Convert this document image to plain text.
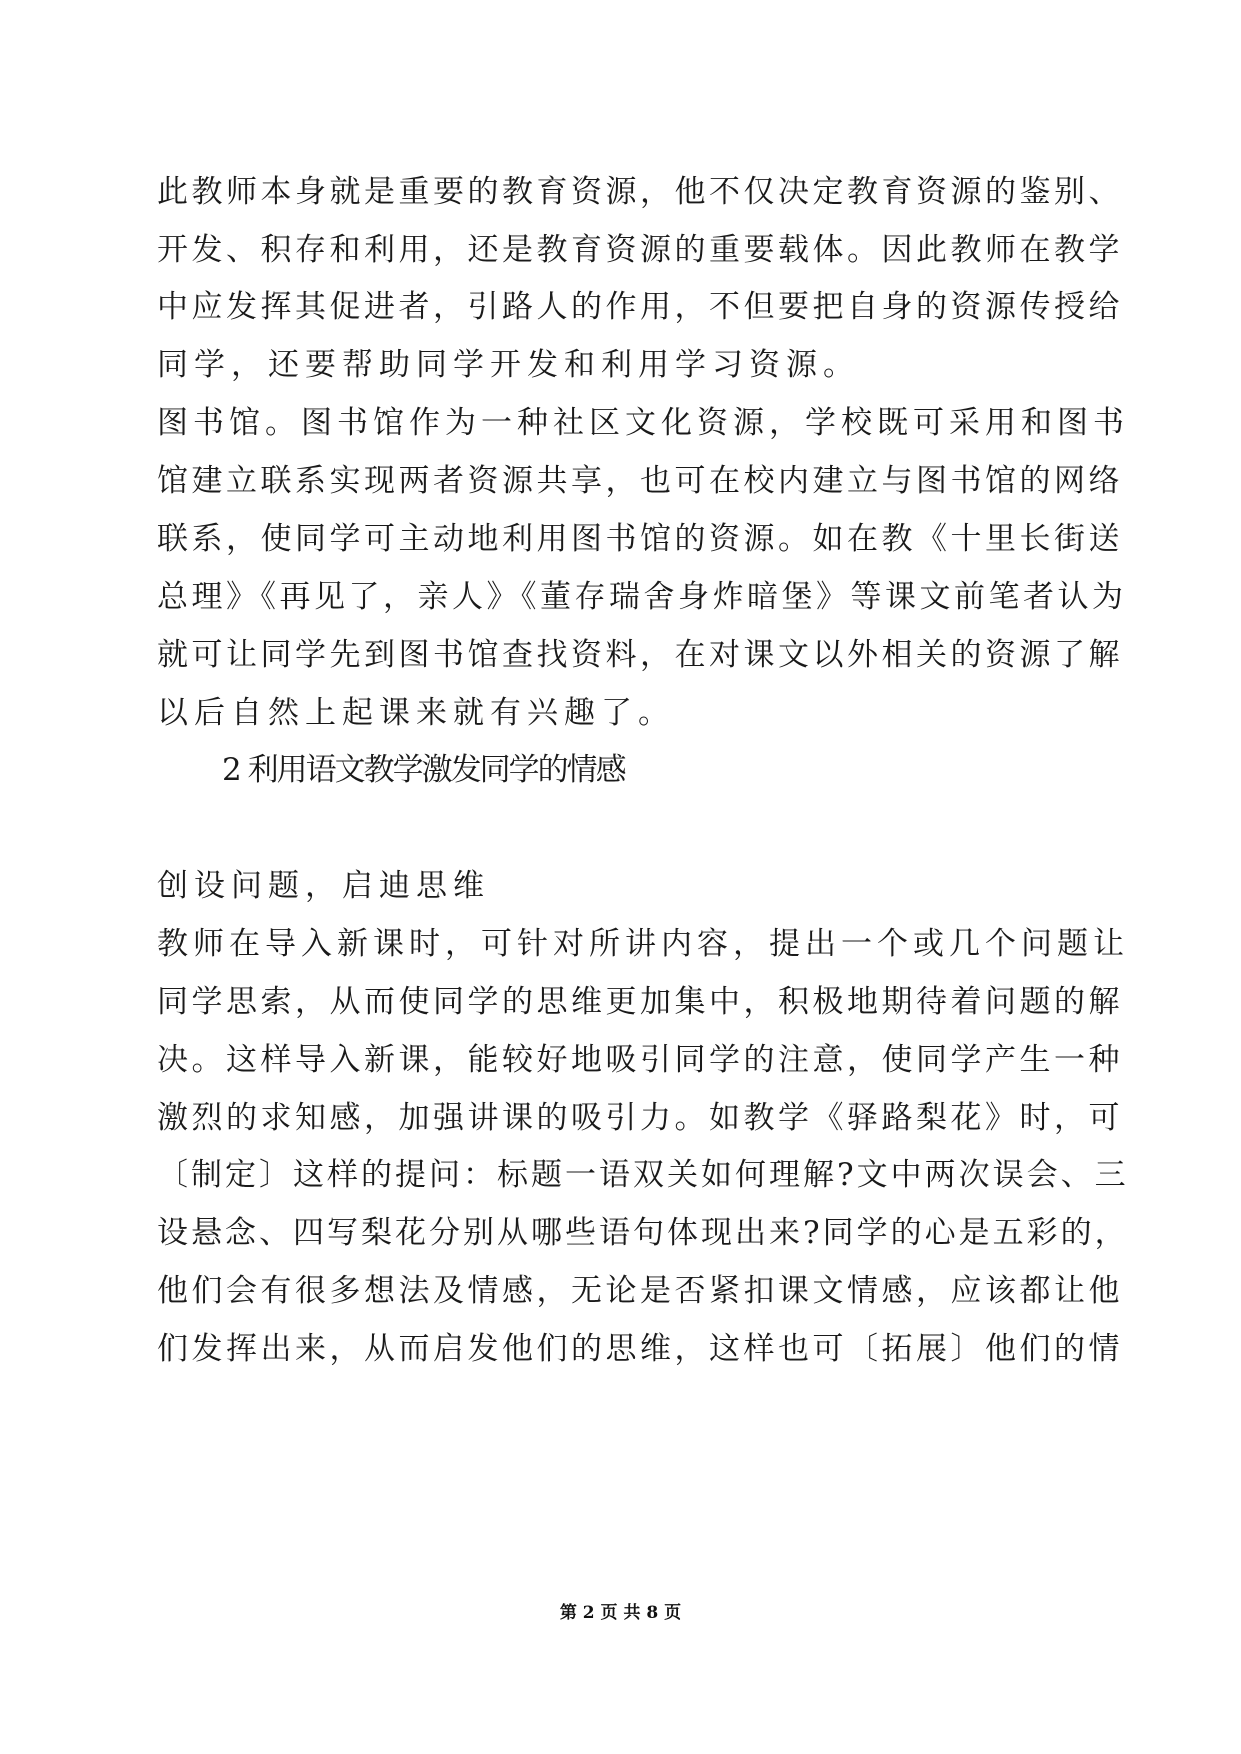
此教师本身就是重要的教育资源，他不仅决定教育资源的鉴别、
开发、积存和利用，还是教育资源的重要载体。因此教师在教学
中应发挥其促进者，引路人的作用，不但要把自身的资源传授给
同学，还要帮助同学开发和利用学习资源。
图书馆。图书馆作为一种社区文化资源，学校既可采用和图书
馆建立联系实现两者资源共享，也可在校内建立与图书馆的网络
联系，使同学可主动地利用图书馆的资源。如在教《十里长街送
总理》《再见了，亲人》《董存瑞舍身炸暗堡》等课文前笔者认为
就可让同学先到图书馆查找资料，在对课文以外相关的资源了解
以后自然上起课来就有兴趣了。
2 利用语文教学激发同学的情感
创设问题，启迪思维
教师在导入新课时，可针对所讲内容，提出一个或几个问题让
同学思索，从而使同学的思维更加集中，积极地期待着问题的解
决。这样导入新课，能较好地吸引同学的注意，使同学产生一种
激烈的求知感，加强讲课的吸引力。如教学《驿路梨花》时，可
〔制定〕这样的提问：标题一语双关如何理解?文中两次误会、三
设悬念、四写梨花分别从哪些语句体现出来?同学的心是五彩的，
他们会有很多想法及情感，无论是否紧扣课文情感，应该都让他
们发挥出来，从而启发他们的思维，这样也可〔拓展〕他们的情
第 2 页 共 8 页
